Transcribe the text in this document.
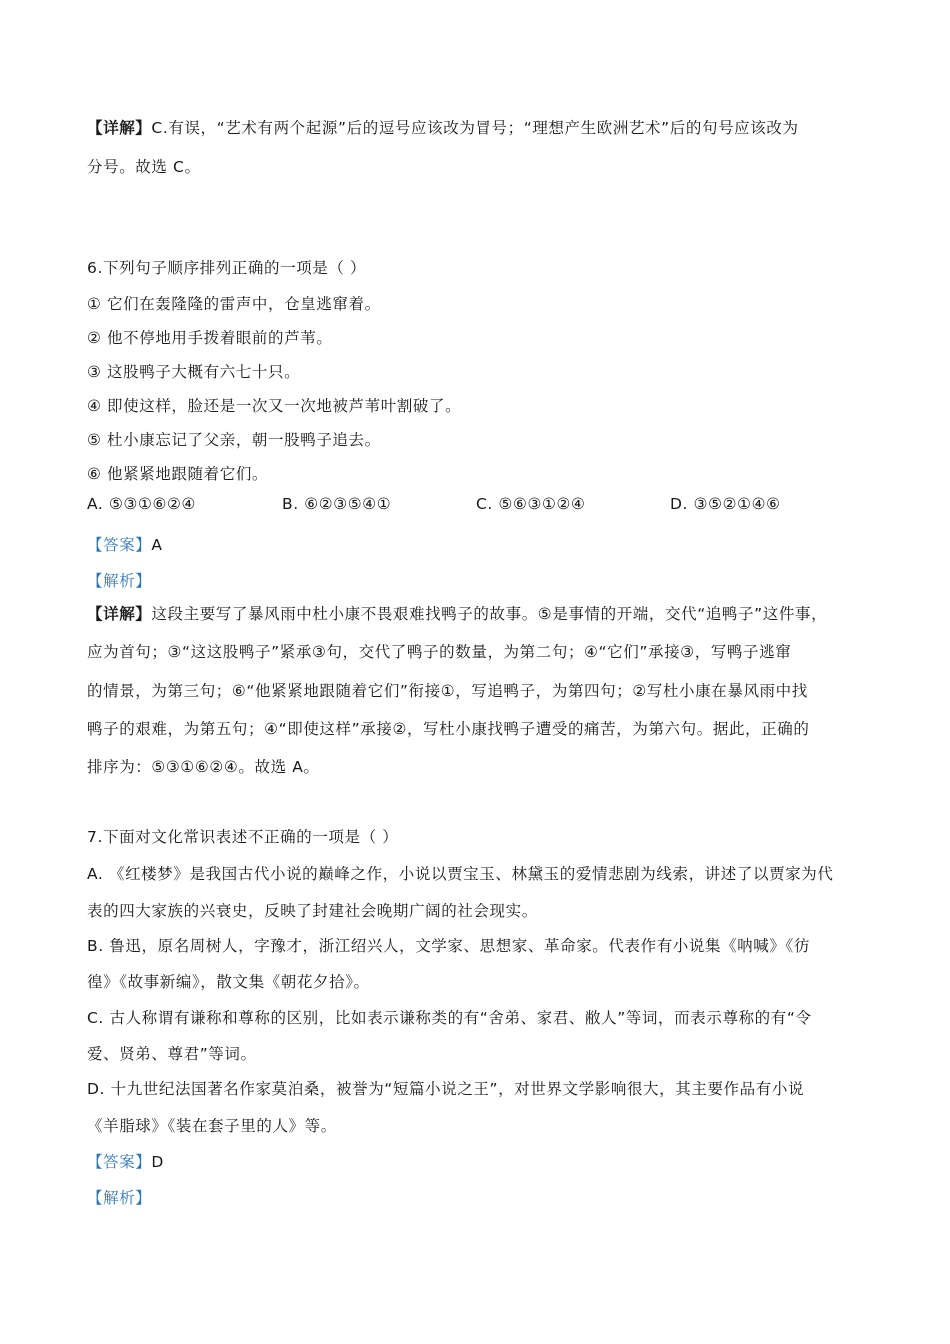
【详解】C.有误，“艺术有两个起源”后的逗号应该改为冒号；“理想产生欧洲艺术”后的句号应该改为
分号。故选 C。
6.下列句子顺序排列正确的一项是（ ）
① 它们在轰隆隆的雷声中，仓皇逃窜着。
② 他不停地用手拨着眼前的芦苇。
③ 这股鸭子大概有六七十只。
④ 即使这样，脸还是一次又一次地被芦苇叶割破了。
⑤ 杜小康忘记了父亲，朝一股鸭子追去。
⑥ 他紧紧地跟随着它们。
A. ⑤③①⑥②④	B. ⑥②③⑤④①	C. ⑤⑥③①②④	D. ③⑤②①④⑥
【答案】A
【解析】
【详解】这段主要写了暴风雨中杜小康不畏艰难找鸭子的故事。⑤是事情的开端，交代“追鸭子”这件事，
应为首句；③“这这股鸭子”紧承③句，交代了鸭子的数量，为第二句；④“它们”承接③，写鸭子逃窜
的情景，为第三句；⑥“他紧紧地跟随着它们”衔接①，写追鸭子，为第四句；②写杜小康在暴风雨中找
鸭子的艰难，为第五句；④“即使这样”承接②，写杜小康找鸭子遭受的痛苦，为第六句。据此，正确的
排序为：⑤③①⑥②④。故选 A。
7.下面对文化常识表述不正确的一项是（ ）
A. 《红楼梦》是我国古代小说的巅峰之作，小说以贾宝玉、林黛玉的爱情悲剧为线索，讲述了以贾家为代
表的四大家族的兴衰史，反映了封建社会晚期广阔的社会现实。
B. 鲁迅，原名周树人，字豫才，浙江绍兴人，文学家、思想家、革命家。代表作有小说集《呐喊》《彷
徨》《故事新编》，散文集《朝花夕拾》。
C. 古人称谓有谦称和尊称的区别，比如表示谦称类的有“舍弟、家君、敝人”等词，而表示尊称的有“令
爱、贤弟、尊君”等词。
D. 十九世纪法国著名作家莫泊桑，被誉为“短篇小说之王”，对世界文学影响很大，其主要作品有小说
《羊脂球》《装在套子里的人》等。
【答案】D
【解析】
